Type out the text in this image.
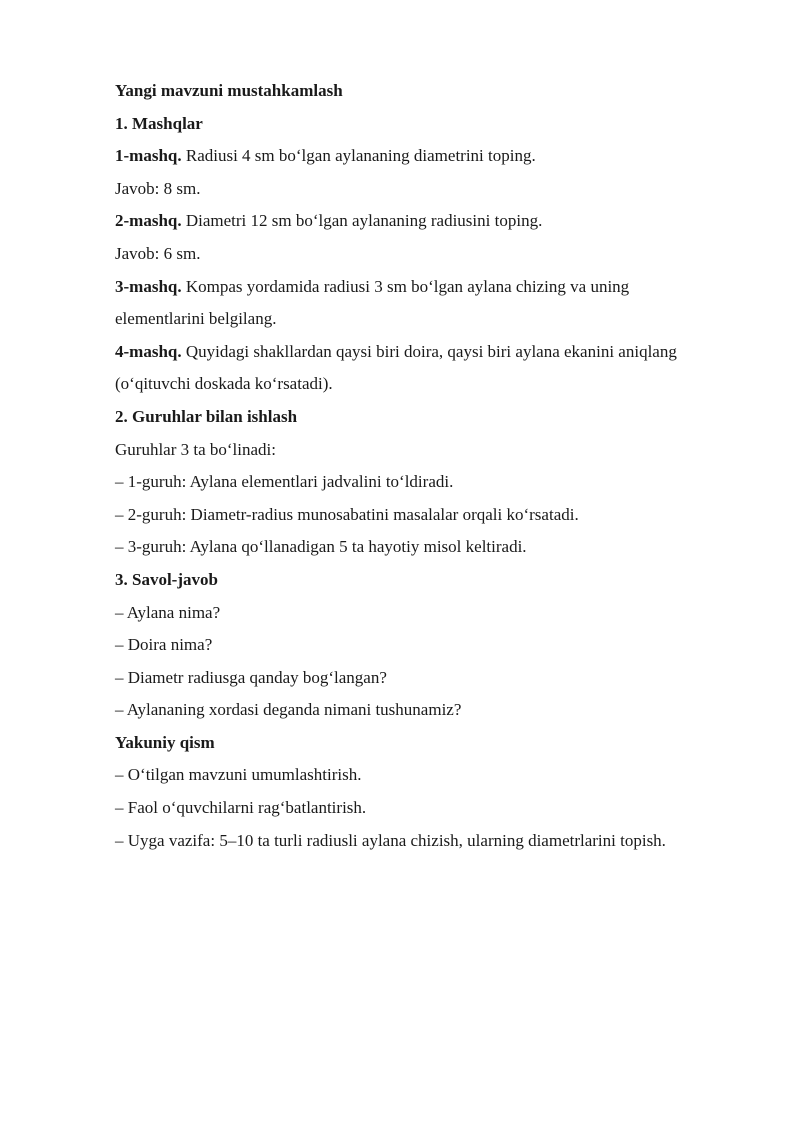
Yangi mavzuni mustahkamlash
1. Mashqlar
1-mashq. Radiusi 4 sm bo‘lgan aylananing diametrini toping.
Javob: 8 sm.
2-mashq. Diametri 12 sm bo‘lgan aylananing radiusini toping.
Javob: 6 sm.
3-mashq. Kompas yordamida radiusi 3 sm bo‘lgan aylana chizing va uning
elementlarini belgilang.
4-mashq. Quyidagi shakllardan qaysi biri doira, qaysi biri aylana ekanini aniqlang
(o‘qituvchi doskada ko‘rsatadi).
2. Guruhlar bilan ishlash
Guruhlar 3 ta bo‘linadi:
– 1-guruh: Aylana elementlari jadvalini to‘ldiradi.
– 2-guruh: Diametr-radius munosabatini masalalar orqali ko‘rsatadi.
– 3-guruh: Aylana qo‘llanadigan 5 ta hayotiy misol keltiradi.
3. Savol-javob
– Aylana nima?
– Doira nima?
– Diametr radiusga qanday bog‘langan?
– Aylananing xordasi deganda nimani tushunamiz?
Yakuniy qism
– O‘tilgan mavzuni umumlashtirish.
– Faol o‘quvchilarni rag‘batlantirish.
– Uyga vazifa: 5–10 ta turli radiusli aylana chizish, ularning diametrlarini topish.
